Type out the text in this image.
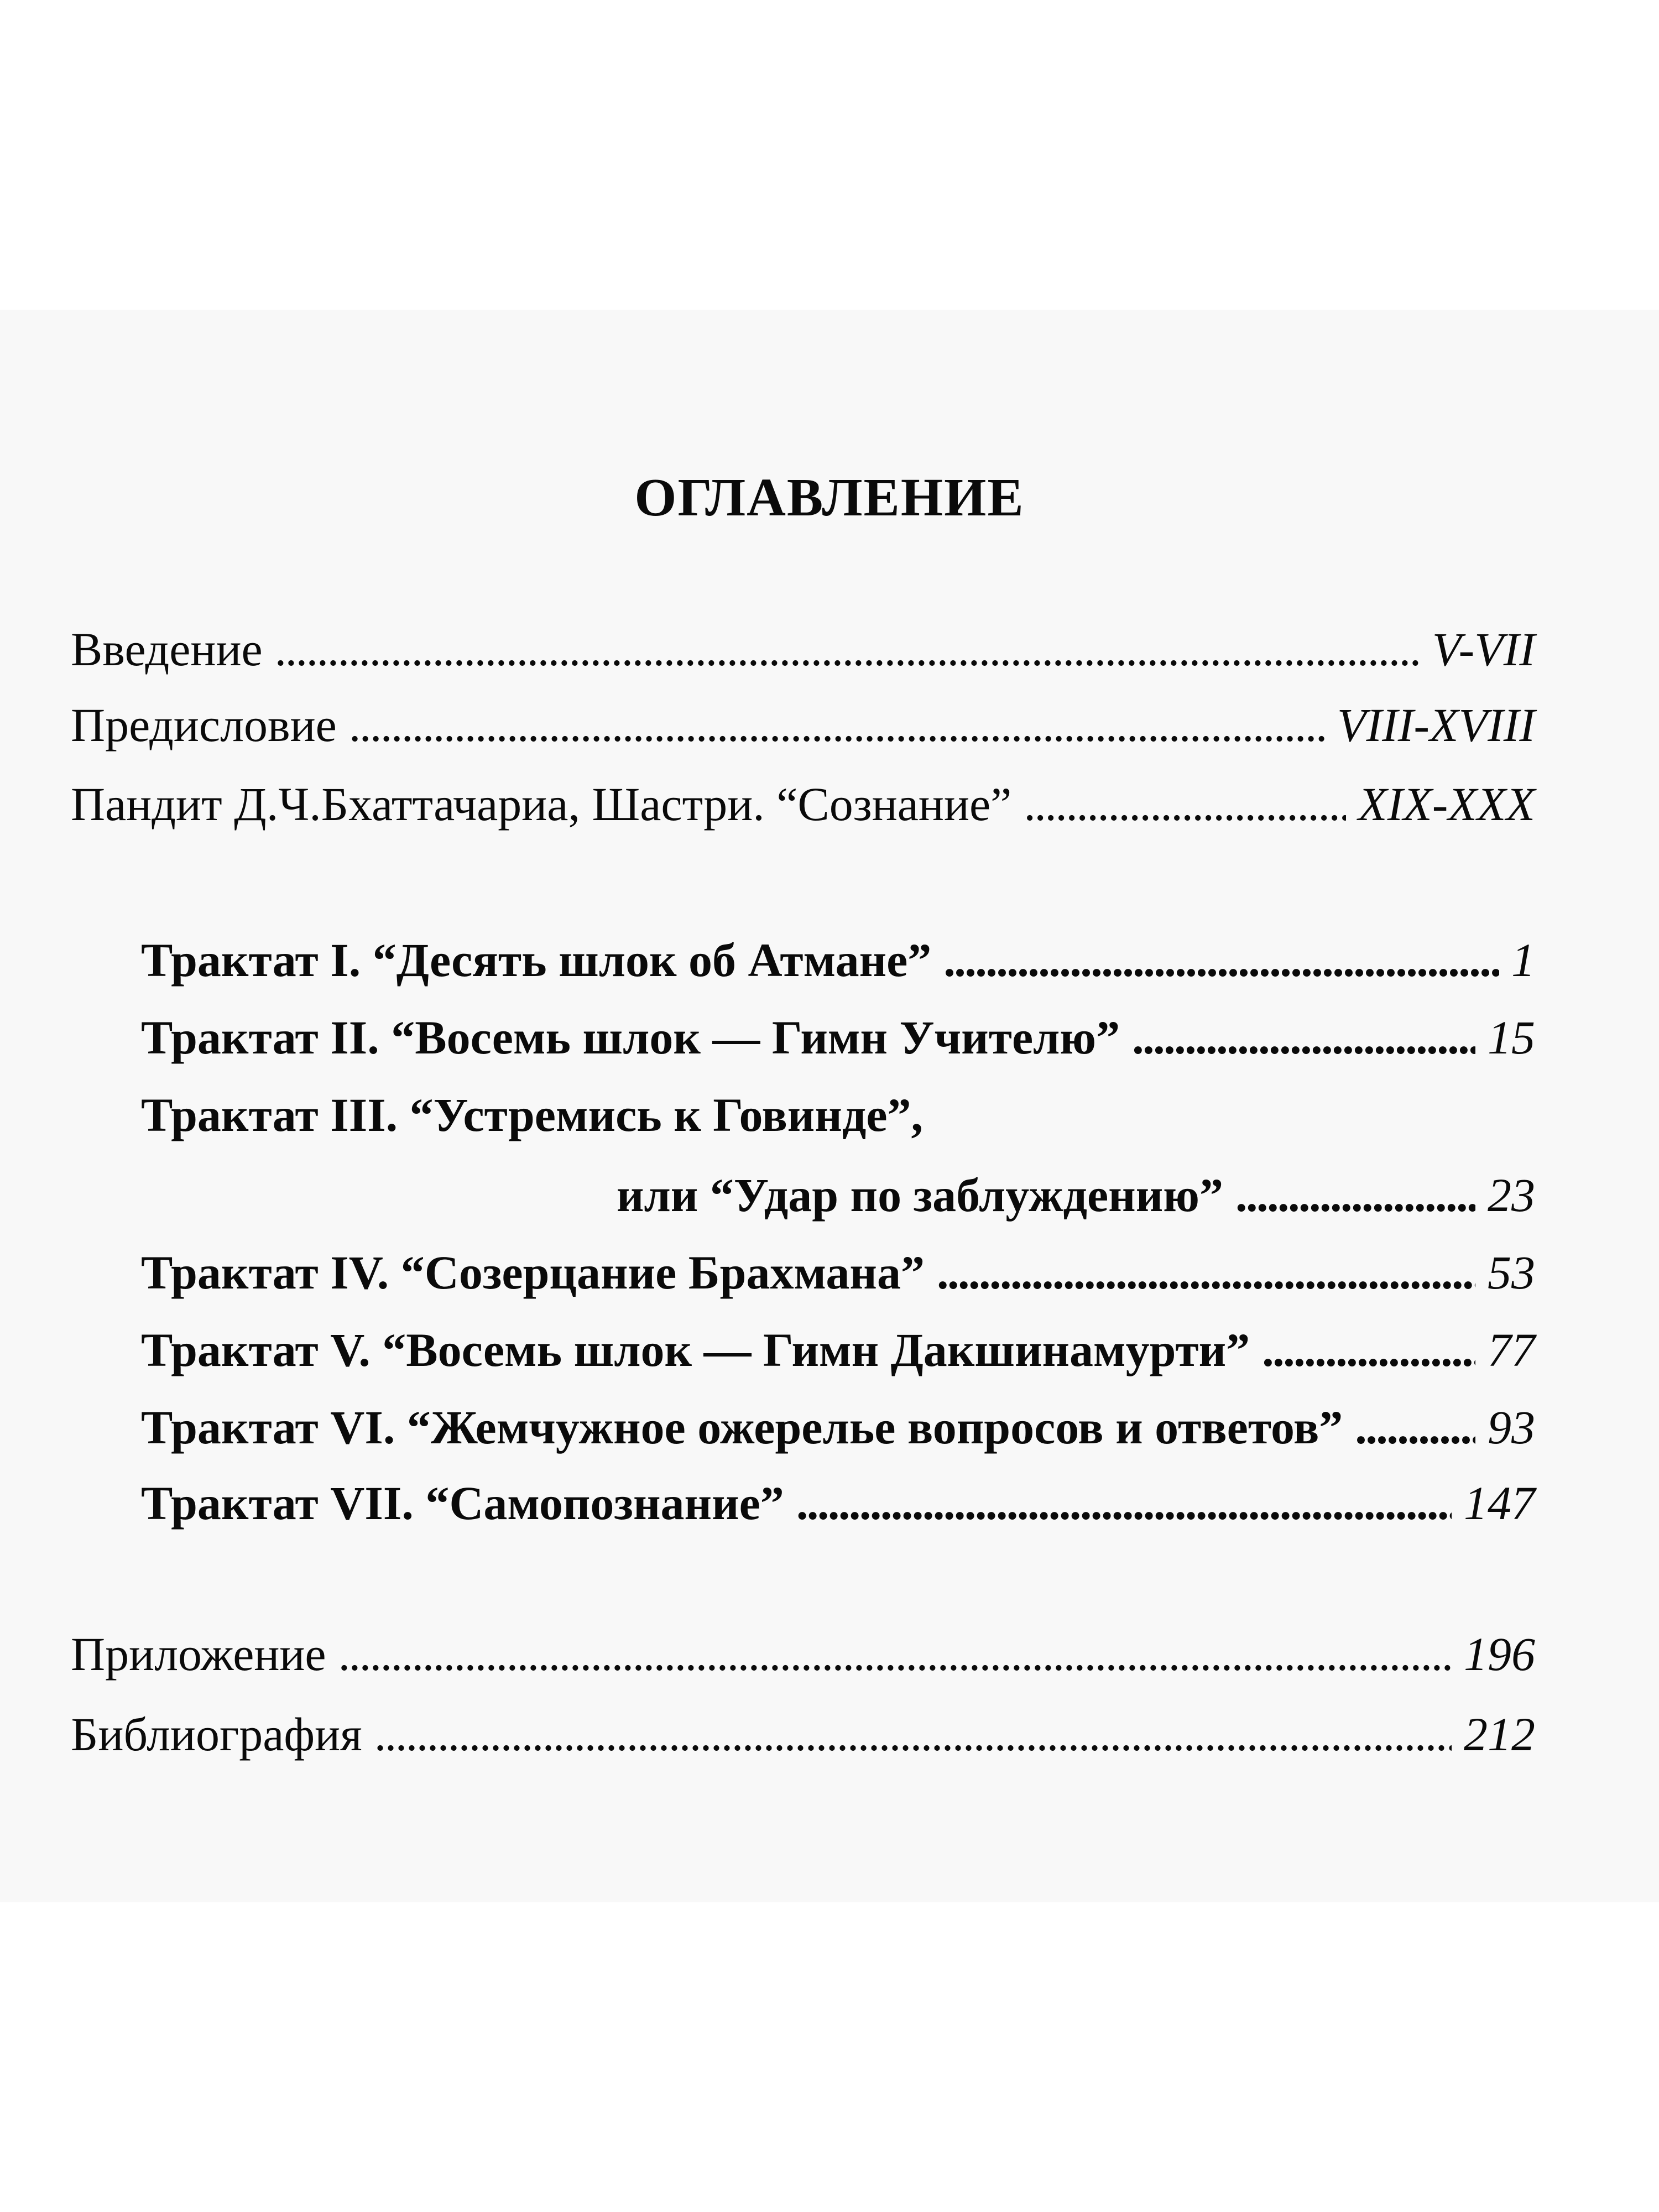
ОГЛАВЛЕНИЕ
Введение . . .	V-VII
Предисловие . . .	VIII-XVIII
Пандит Д.Ч.Бхаттачариа, Шастри. “Сознание” . . .	XIX-XXX
Трактат I. “Десять шлок об Атмане” . . .	1
Трактат II. “Восемь шлок — Гимн Учителю” . . .	15
Трактат III. “Устремись к Говинде”,
или “Удар по заблуждению” . . .	23
Трактат IV. “Созерцание Брахмана” . . .	53
Трактат V. “Восемь шлок — Гимн Дакшинамурти” . . .	77
Трактат VI. “Жемчужное ожерелье вопросов и ответов” . . .	93
Трактат VII. “Самопознание” . . .	147
Приложение . . .	196
Библиография . . .	212
